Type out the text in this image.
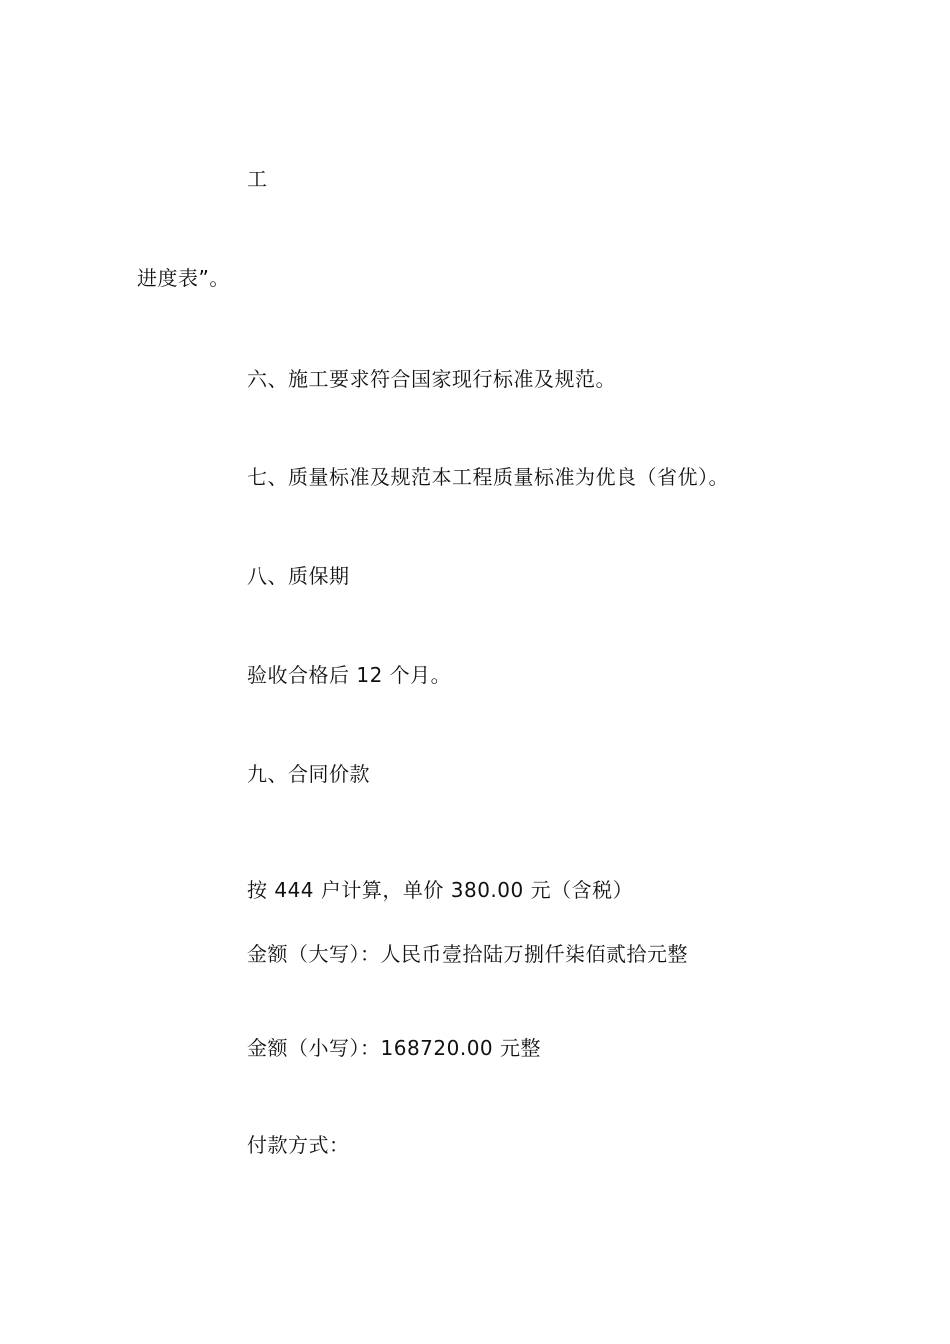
工
进度表”。
六、施工要求符合国家现行标准及规范。
七、质量标准及规范本工程质量标准为优良（省优）。
八、质保期
验收合格后 12 个月。
九、合同价款
按 444 户计算，单价 380.00 元（含税）
金额（大写）：人民币壹拾陆万捌仟柒佰贰拾元整
金额（小写）：168720.00 元整
付款方式：
